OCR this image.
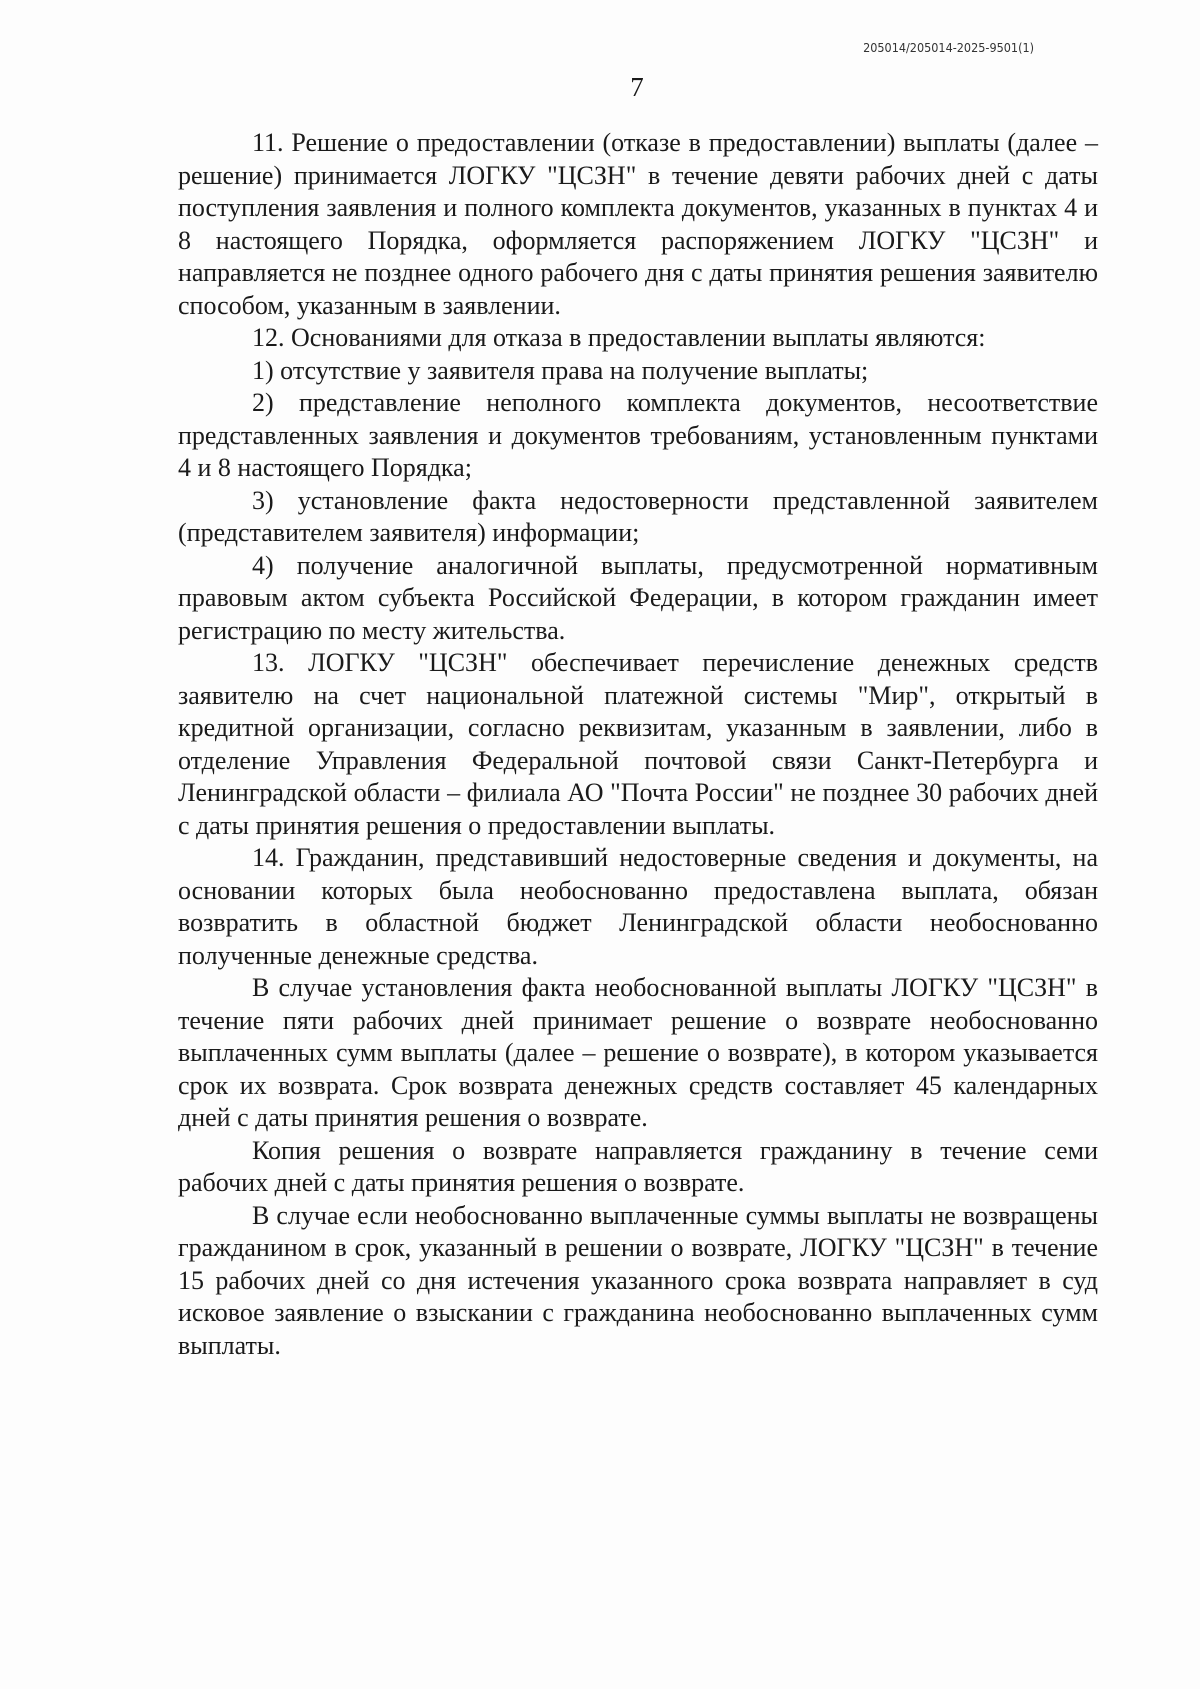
205014/205014-2025-9501(1)
7

11. Решение о предоставлении (отказе в предоставлении) выплаты (далее – решение) принимается ЛОГКУ "ЦСЗН" в течение девяти рабочих дней с даты поступления заявления и полного комплекта документов, указанных в пунктах 4 и 8 настоящего Порядка, оформляется распоряжением ЛОГКУ "ЦСЗН" и направляется не позднее одного рабочего дня с даты принятия решения заявителю способом, указанным в заявлении.

12. Основаниями для отказа в предоставлении выплаты являются:

1) отсутствие у заявителя права на получение выплаты;

2) представление неполного комплекта документов, несоответствие представленных заявления и документов требованиям, установленным пунктами 4 и 8 настоящего Порядка;

3) установление факта недостоверности представленной заявителем (представителем заявителя) информации;

4) получение аналогичной выплаты, предусмотренной нормативным правовым актом субъекта Российской Федерации, в котором гражданин имеет регистрацию по месту жительства.

13. ЛОГКУ "ЦСЗН" обеспечивает перечисление денежных средств заявителю на счет национальной платежной системы "Мир", открытый в кредитной организации, согласно реквизитам, указанным в заявлении, либо в отделение Управления Федеральной почтовой связи Санкт-Петербурга и Ленинградской области – филиала АО "Почта России" не позднее 30 рабочих дней с даты принятия решения о предоставлении выплаты.

14. Гражданин, представивший недостоверные сведения и документы, на основании которых была необоснованно предоставлена выплата, обязан возвратить в областной бюджет Ленинградской области необоснованно полученные денежные средства.

В случае установления факта необоснованной выплаты ЛОГКУ "ЦСЗН" в течение пяти рабочих дней принимает решение о возврате необоснованно выплаченных сумм выплаты (далее – решение о возврате), в котором указывается срок их возврата. Срок возврата денежных средств составляет 45 календарных дней с даты принятия решения о возврате.

Копия решения о возврате направляется гражданину в течение семи рабочих дней с даты принятия решения о возврате.

В случае если необоснованно выплаченные суммы выплаты не возвращены гражданином в срок, указанный в решении о возврате, ЛОГКУ "ЦСЗН" в течение 15 рабочих дней со дня истечения указанного срока возврата направляет в суд исковое заявление о взыскании с гражданина необоснованно выплаченных сумм выплаты.
